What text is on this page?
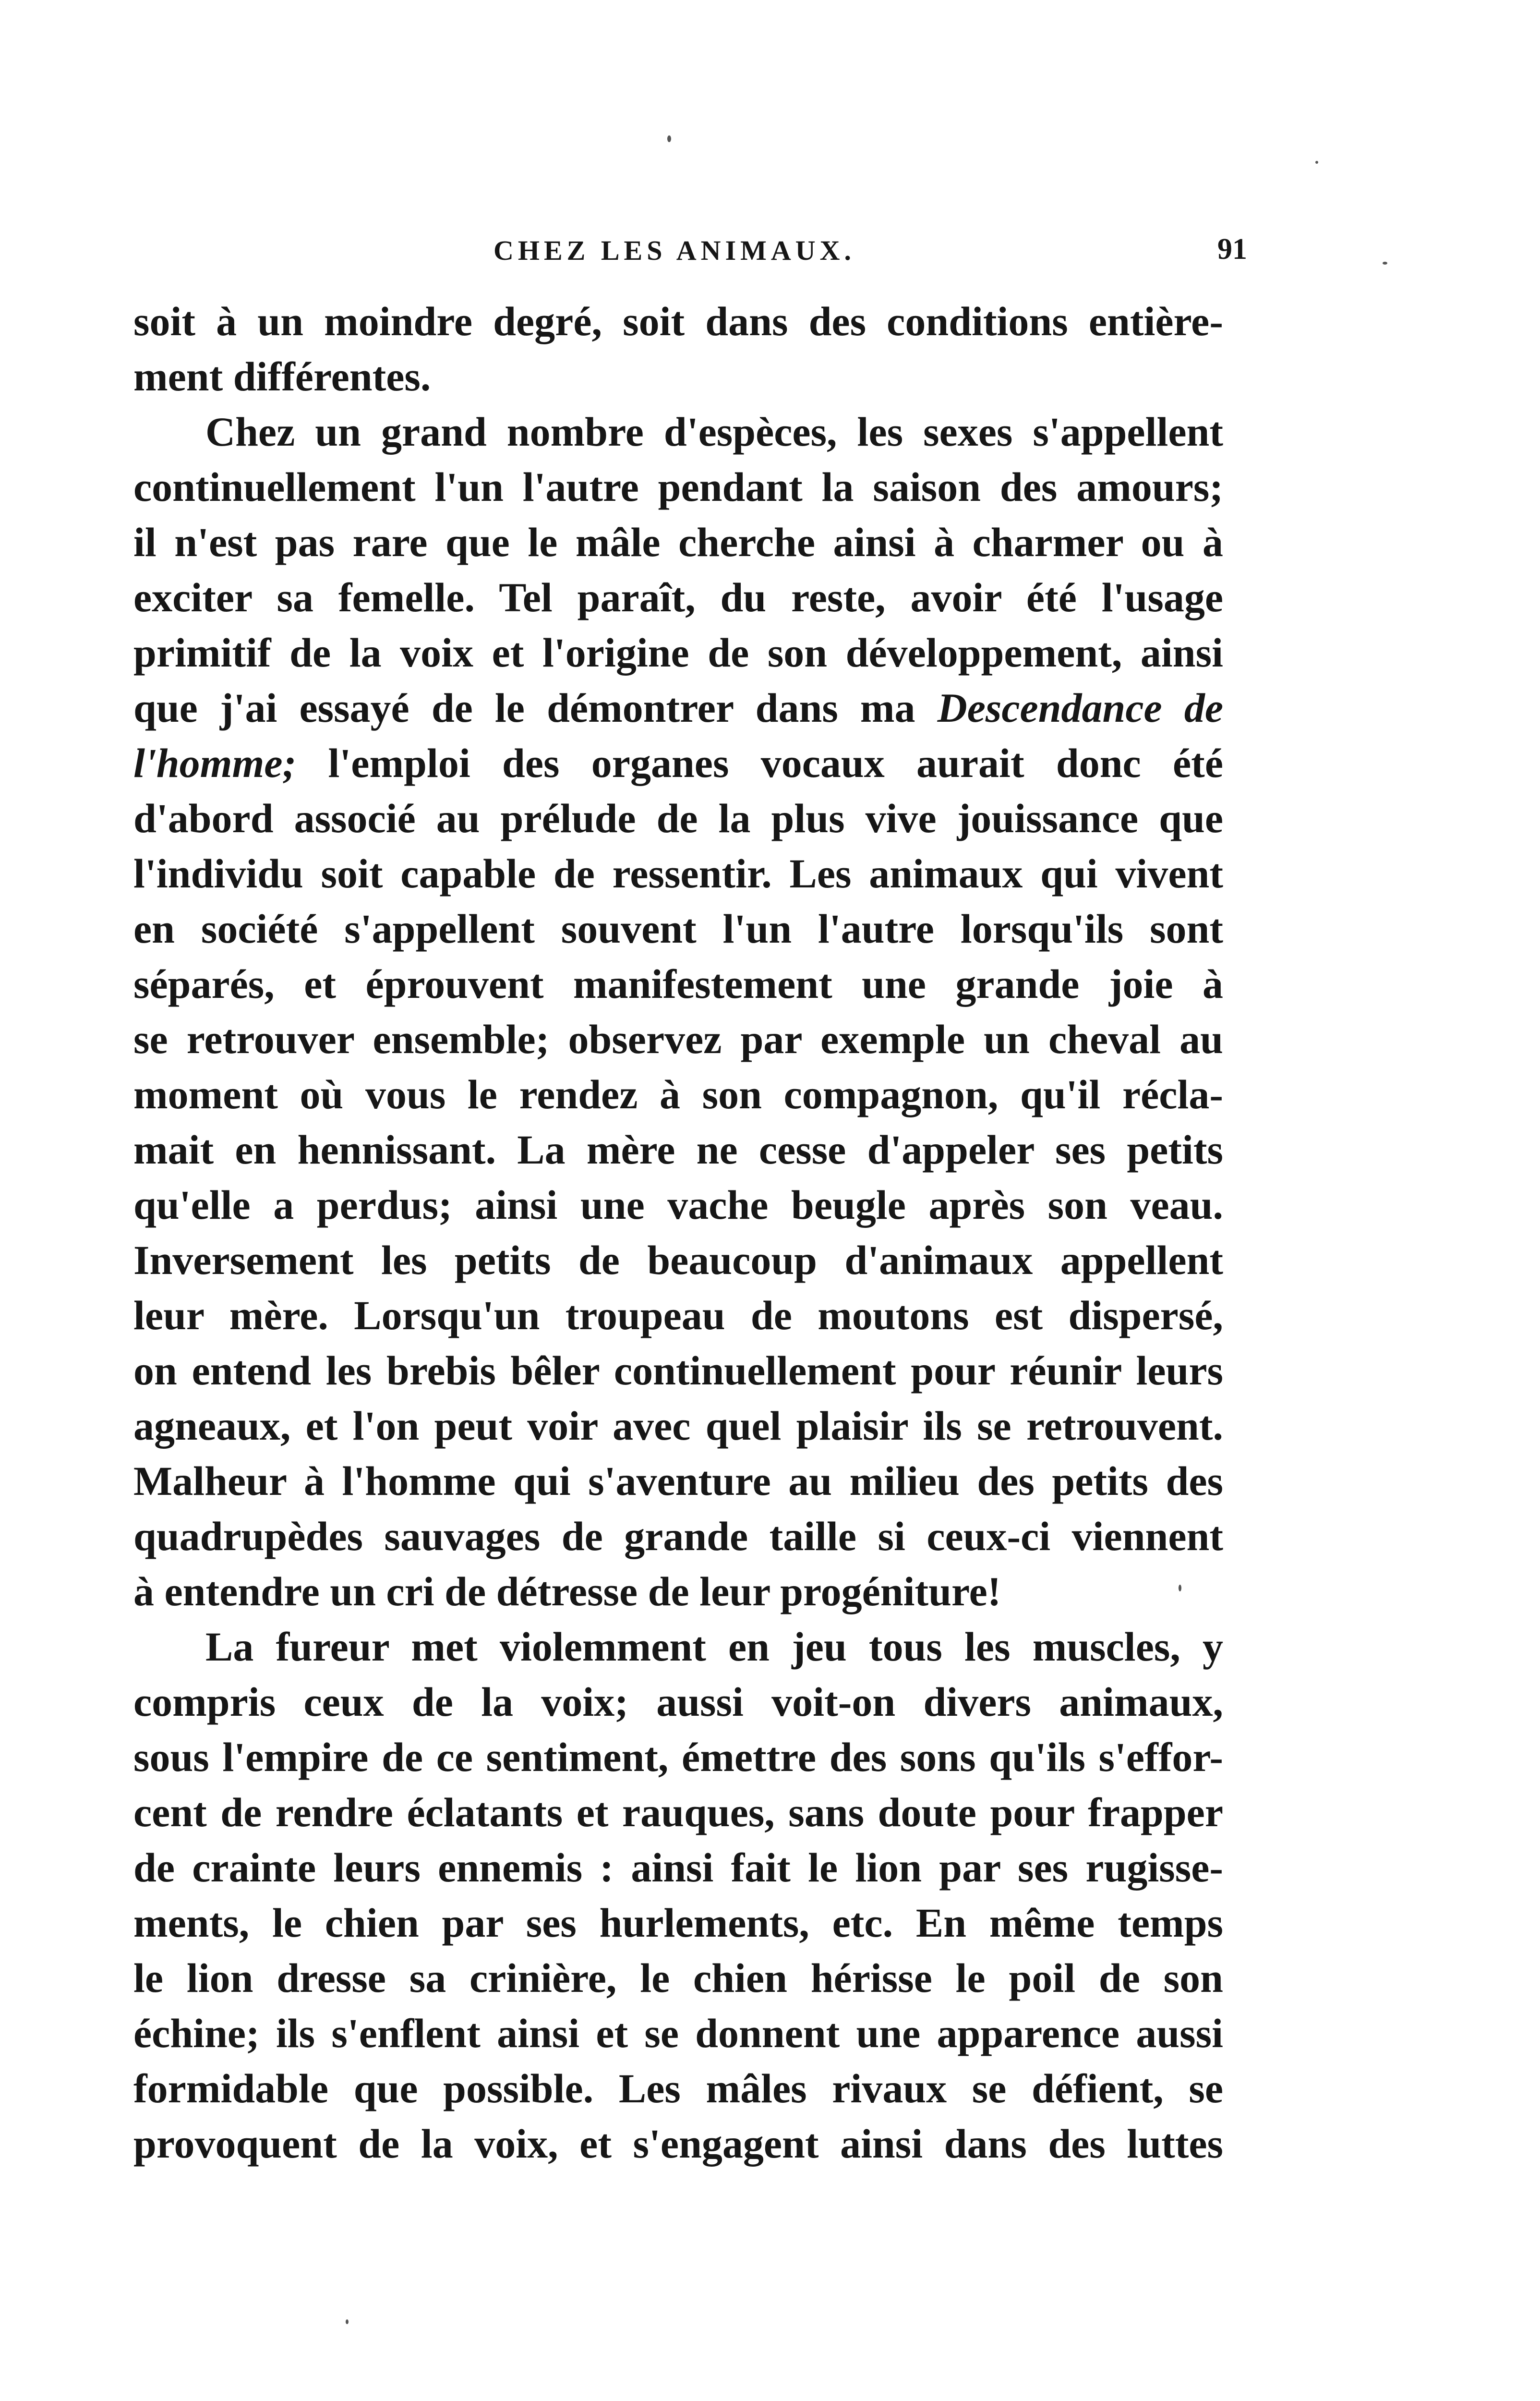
CHEZ LES ANIMAUX.	91
soit à un moindre degré, soit dans des conditions entière-
ment différentes.
Chez un grand nombre d'espèces, les sexes s'appellent
continuellement l'un l'autre pendant la saison des amours;
il n'est pas rare que le mâle cherche ainsi à charmer ou à
exciter sa femelle. Tel paraît, du reste, avoir été l'usage
primitif de la voix et l'origine de son développement, ainsi
que j'ai essayé de le démontrer dans ma Descendance de
l'homme; l'emploi des organes vocaux aurait donc été
d'abord associé au prélude de la plus vive jouissance que
l'individu soit capable de ressentir. Les animaux qui vivent
en société s'appellent souvent l'un l'autre lorsqu'ils sont
séparés, et éprouvent manifestement une grande joie à
se retrouver ensemble; observez par exemple un cheval au
moment où vous le rendez à son compagnon, qu'il récla-
mait en hennissant. La mère ne cesse d'appeler ses petits
qu'elle a perdus; ainsi une vache beugle après son veau.
Inversement les petits de beaucoup d'animaux appellent
leur mère. Lorsqu'un troupeau de moutons est dispersé,
on entend les brebis bêler continuellement pour réunir leurs
agneaux, et l'on peut voir avec quel plaisir ils se retrouvent.
Malheur à l'homme qui s'aventure au milieu des petits des
quadrupèdes sauvages de grande taille si ceux-ci viennent
à entendre un cri de détresse de leur progéniture!
La fureur met violemment en jeu tous les muscles, y
compris ceux de la voix; aussi voit-on divers animaux,
sous l'empire de ce sentiment, émettre des sons qu'ils s'effor-
cent de rendre éclatants et rauques, sans doute pour frapper
de crainte leurs ennemis : ainsi fait le lion par ses rugisse-
ments, le chien par ses hurlements, etc. En même temps
le lion dresse sa crinière, le chien hérisse le poil de son
échine; ils s'enflent ainsi et se donnent une apparence aussi
formidable que possible. Les mâles rivaux se défient, se
provoquent de la voix, et s'engagent ainsi dans des luttes
